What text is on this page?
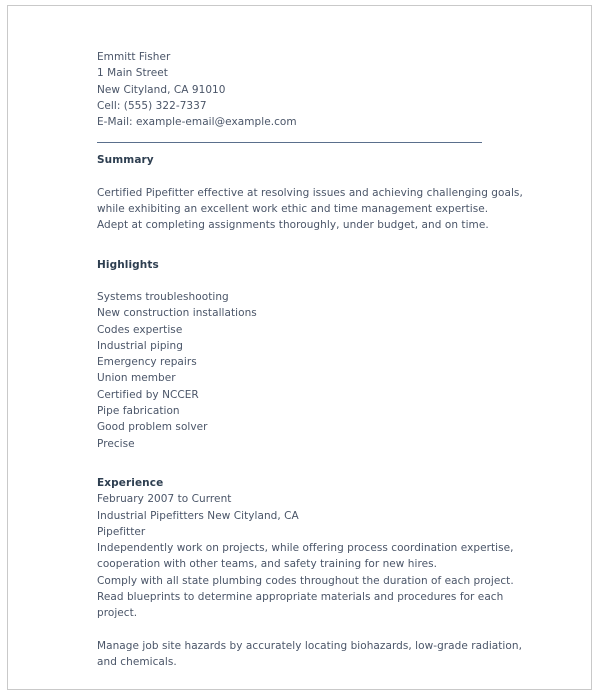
Emmitt Fisher
1 Main Street
New Cityland, CA 91010
Cell: (555) 322-7337
E-Mail: example-email@example.com
Summary
Certified Pipefitter effective at resolving issues and achieving challenging goals,
while exhibiting an excellent work ethic and time management expertise.
Adept at completing assignments thoroughly, under budget, and on time.
Highlights
Systems troubleshooting
New construction installations
Codes expertise
Industrial piping
Emergency repairs
Union member
Certified by NCCER
Pipe fabrication
Good problem solver
Precise
Experience
February 2007 to Current
Industrial Pipefitters New Cityland, CA
Pipefitter
Independently work on projects, while offering process coordination expertise,
cooperation with other teams, and safety training for new hires.
Comply with all state plumbing codes throughout the duration of each project.
Read blueprints to determine appropriate materials and procedures for each
project.
Manage job site hazards by accurately locating biohazards, low-grade radiation,
and chemicals.
